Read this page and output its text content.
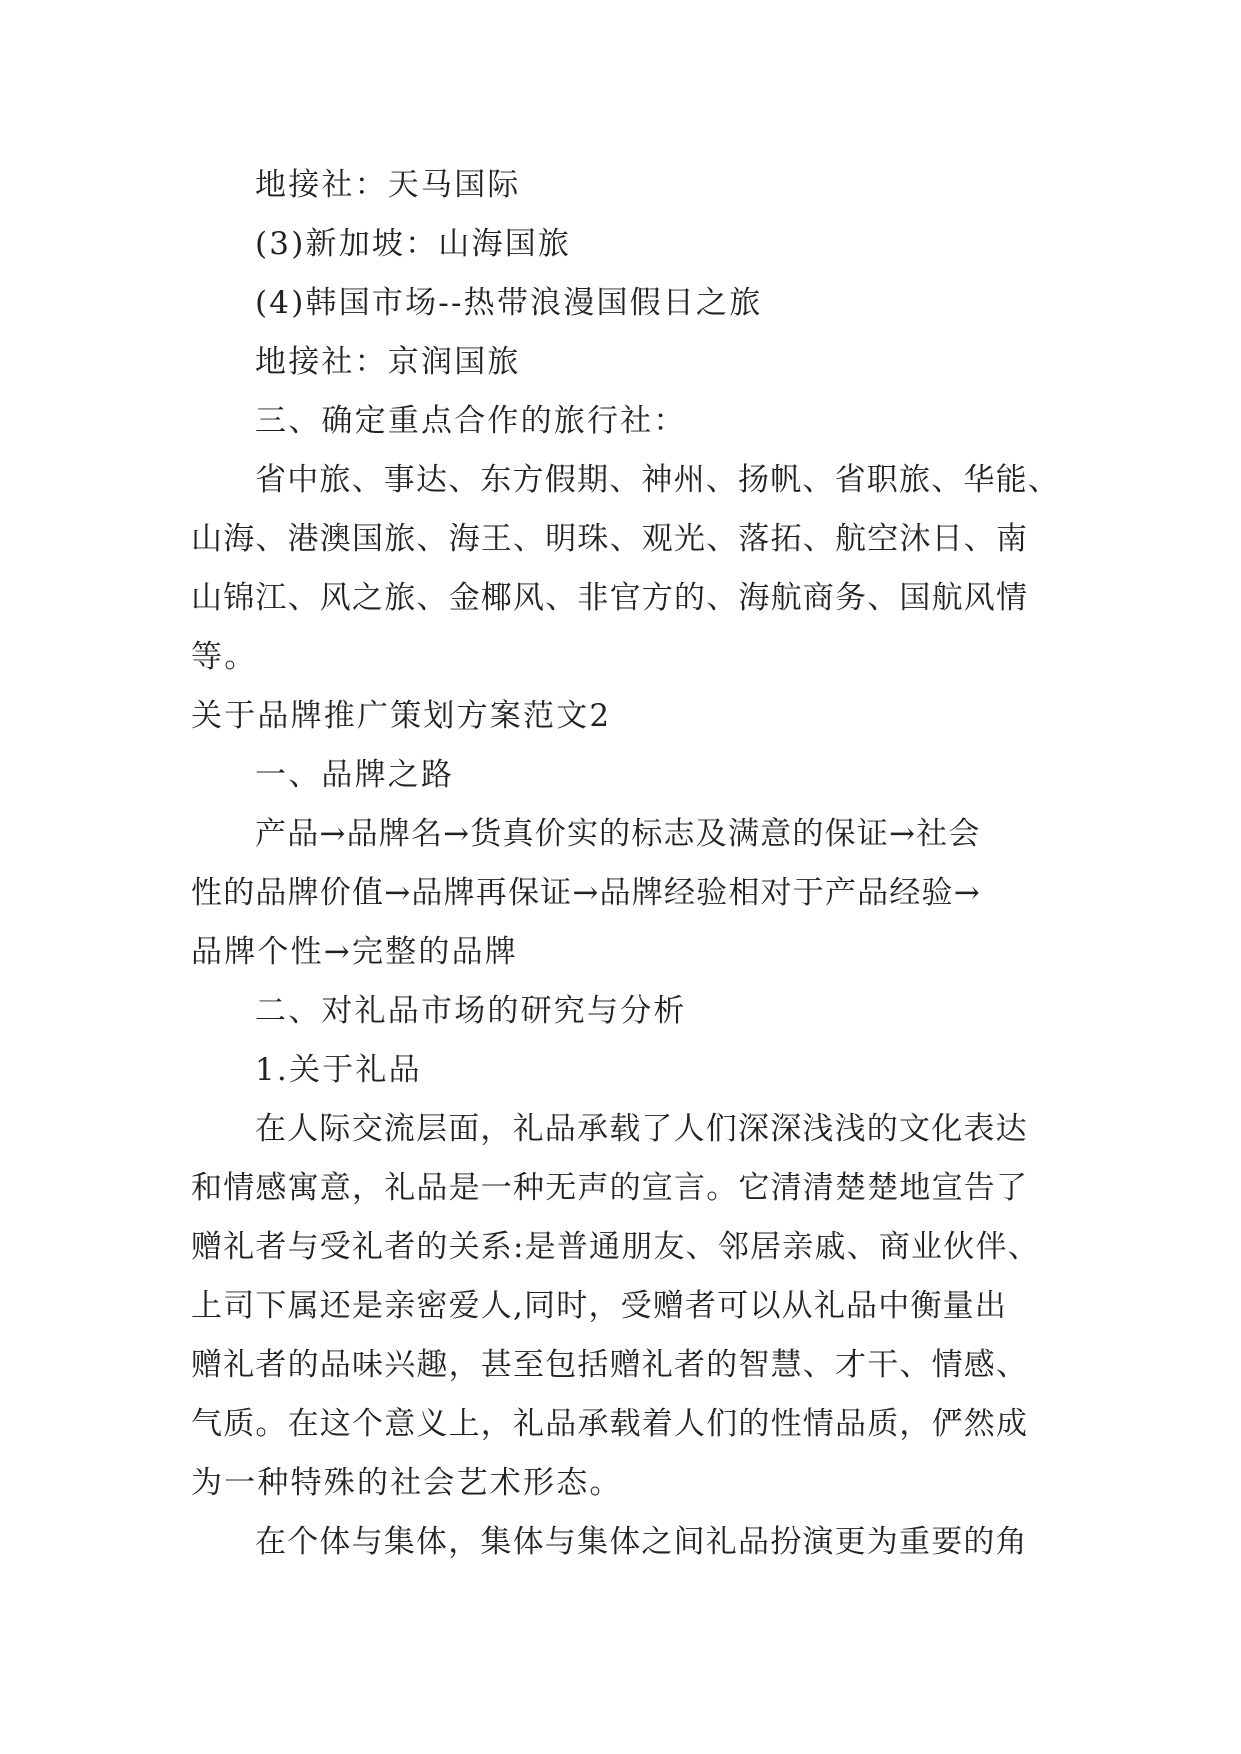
地接社：天马国际
(3)新加坡：山海国旅
(4)韩国市场--热带浪漫国假日之旅
地接社：京润国旅
三、确定重点合作的旅行社：
省中旅、事达、东方假期、神州、扬帆、省职旅、华能、
山海、港澳国旅、海王、明珠、观光、落拓、航空沐日、南
山锦江、风之旅、金椰风、非官方的、海航商务、国航风情
等。
关于品牌推广策划方案范文2
一、品牌之路
产品→品牌名→货真价实的标志及满意的保证→社会
性的品牌价值→品牌再保证→品牌经验相对于产品经验→
品牌个性→完整的品牌
二、对礼品市场的研究与分析
1.关于礼品
在人际交流层面，礼品承载了人们深深浅浅的文化表达
和情感寓意，礼品是一种无声的宣言。它清清楚楚地宣告了
赠礼者与受礼者的关系:是普通朋友、邻居亲戚、商业伙伴、
上司下属还是亲密爱人,同时，受赠者可以从礼品中衡量出
赠礼者的品味兴趣，甚至包括赠礼者的智慧、才干、情感、
气质。在这个意义上，礼品承载着人们的性情品质，俨然成
为一种特殊的社会艺术形态。
在个体与集体，集体与集体之间礼品扮演更为重要的角
